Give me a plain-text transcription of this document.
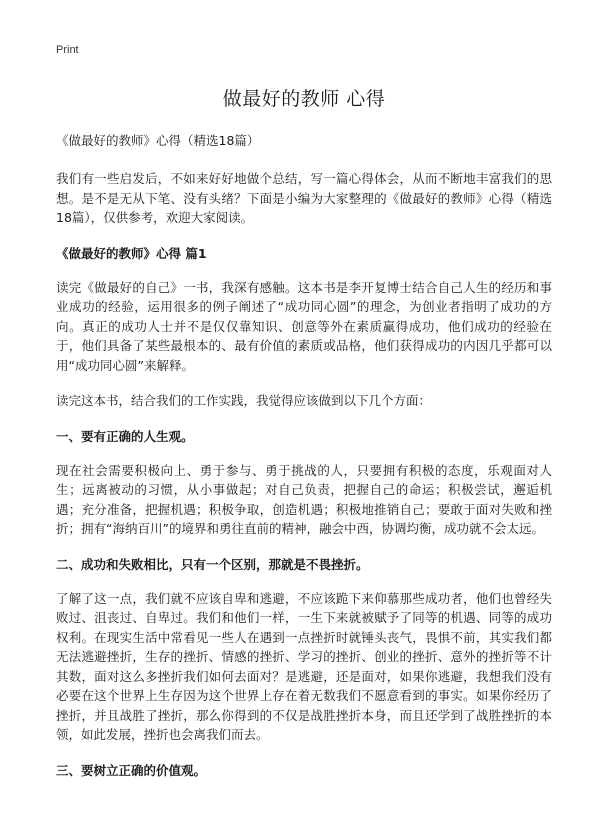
Print
做最好的教师 心得
《做最好的教师》心得（精选18篇）

我们有一些启发后，不如来好好地做个总结，写一篇心得体会，从而不断地丰富我们的思想。是不是无从下笔、没有头绪？下面是小编为大家整理的《做最好的教师》心得（精选18篇），仅供参考，欢迎大家阅读。

《做最好的教师》心得 篇1

读完《做最好的自己》一书，我深有感触。这本书是李开复博士结合自己人生的经历和事业成功的经验，运用很多的例子阐述了“成功同心圆”的理念，为创业者指明了成功的方向。真正的成功人士并不是仅仅靠知识、创意等外在素质赢得成功，他们成功的经验在于，他们具备了某些最根本的、最有价值的素质或品格，他们获得成功的内因几乎都可以用“成功同心圆”来解释。

读完这本书，结合我们的工作实践，我觉得应该做到以下几个方面：

一、要有正确的人生观。

现在社会需要积极向上、勇于参与、勇于挑战的人，只要拥有积极的态度，乐观面对人生；远离被动的习惯，从小事做起；对自己负责，把握自己的命运；积极尝试，邂逅机遇；充分准备，把握机遇；积极争取，创造机遇；积极地推销自己；要敢于面对失败和挫折；拥有“海纳百川”的境界和勇往直前的精神，融会中西，协调均衡，成功就不会太远。

二、成功和失败相比，只有一个区别，那就是不畏挫折。

了解了这一点，我们就不应该自卑和逃避，不应该跪下来仰慕那些成功者，他们也曾经失败过、沮丧过、自卑过。我们和他们一样，一生下来就被赋予了同等的机遇、同等的成功权利。在现实生活中常看见一些人在遇到一点挫折时就锤头丧气，畏惧不前，其实我们都无法逃避挫折，生存的挫折、情感的挫折、学习的挫折、创业的挫折、意外的挫折等不计其数，面对这么多挫折我们如何去面对？是逃避，还是面对，如果你逃避，我想我们没有必要在这个世界上生存因为这个世界上存在着无数我们不愿意看到的事实。如果你经历了挫折，并且战胜了挫折，那么你得到的不仅是战胜挫折本身，而且还学到了战胜挫折的本领，如此发展，挫折也会离我们而去。

三、要树立正确的价值观。
